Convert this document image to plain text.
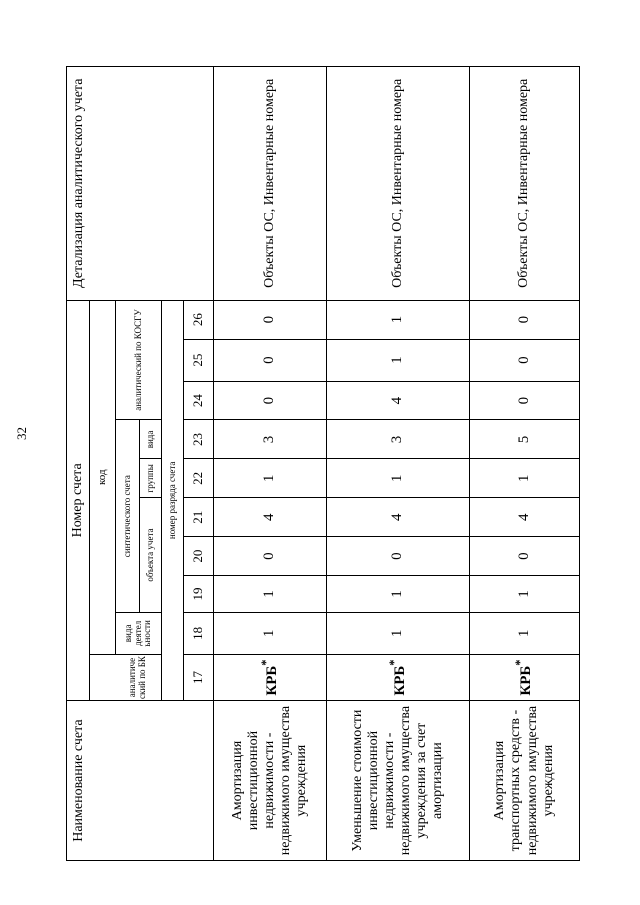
32
Наименование счета	Номер счета										Детализация аналитического учета
		код									
	аналитиче ский по БК	вида деятел ьности	синтетического счета					аналитический по КОСГУ			
			объекта учета			группы	вида				
	номер разряда счета										
	17	18	19	20	21	22	23	24	25	26	
Амортизация инвестиционной недвижимости - недвижимого имущества учреждения	КРБ*	1	1	0	4	1	3	0	0	0	Объекты ОС, Инвентарные номера
Уменьшение стоимости инвестиционной недвижимости - недвижимого имущества учреждения за счет амортизации	КРБ*	1	1	0	4	1	3	4	1	1	Объекты ОС, Инвентарные номера
Амортизация транспортных средств - недвижимого имущества учреждения	КРБ*	1	1	0	4	1	5	0	0	0	Объекты ОС, Инвентарные номера
